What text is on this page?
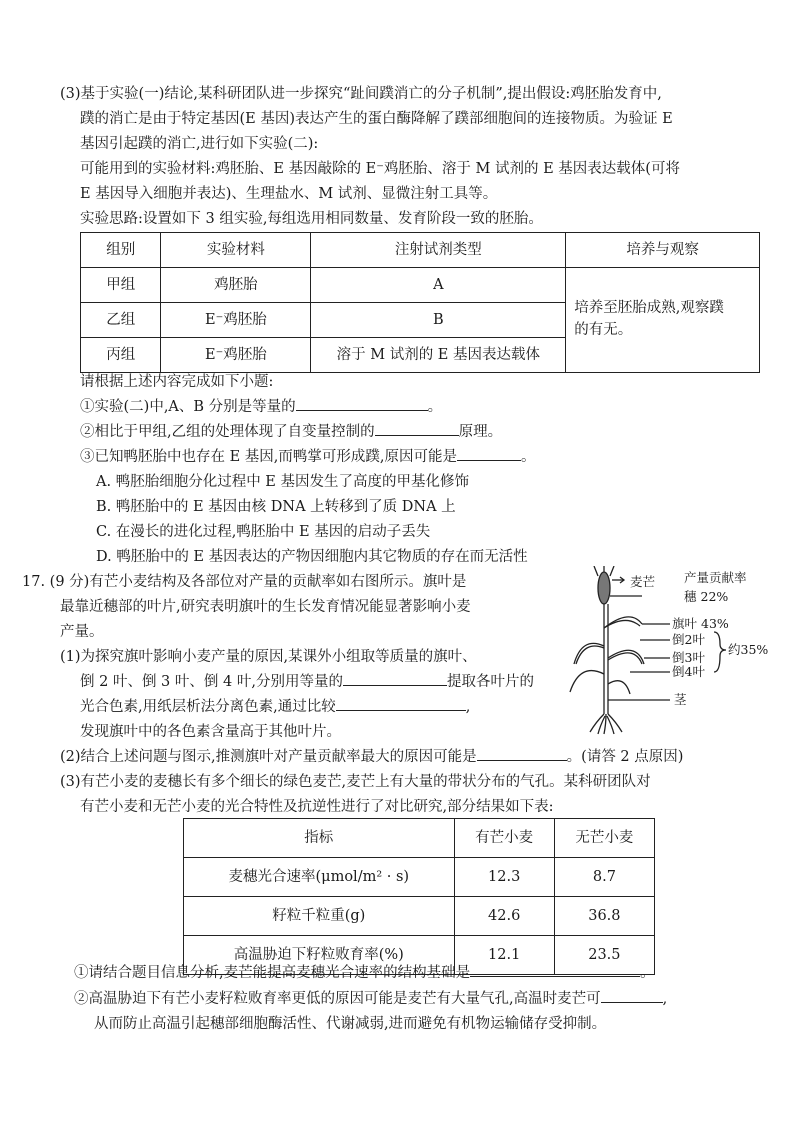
(3)基于实验(一)结论,某科研团队进一步探究“趾间蹼消亡的分子机制”,提出假设:鸡胚胎发育中,
蹼的消亡是由于特定基因(E 基因)表达产生的蛋白酶降解了蹼部细胞间的连接物质。为验证 E
基因引起蹼的消亡,进行如下实验(二):
可能用到的实验材料:鸡胚胎、E 基因敲除的 E⁻鸡胚胎、溶于 M 试剂的 E 基因表达载体(可将
E 基因导入细胞并表达)、生理盐水、M 试剂、显微注射工具等。
实验思路:设置如下 3 组实验,每组选用相同数量、发育阶段一致的胚胎。
组别	实验材料	注射试剂类型	培养与观察
甲组	鸡胚胎	A	培养至胚胎成熟,观察蹼
的有无。

乙组	E⁻鸡胚胎	B	
丙组	E⁻鸡胚胎	溶于 M 试剂的 E 基因表达载体	
请根据上述内容完成如下小题:
①实验(二)中,A、B 分别是等量的	。
②相比于甲组,乙组的处理体现了自变量控制的	原理。
③已知鸭胚胎中也存在 E 基因,而鸭掌可形成蹼,原因可能是	。
A. 鸭胚胎细胞分化过程中 E 基因发生了高度的甲基化修饰
B. 鸭胚胎中的 E 基因由核 DNA 上转移到了质 DNA 上
C. 在漫长的进化过程,鸭胚胎中 E 基因的启动子丢失
D. 鸭胚胎中的 E 基因表达的产物因细胞内其它物质的存在而无活性
17. (9 分)有芒小麦结构及各部位对产量的贡献率如右图所示。旗叶是
最靠近穗部的叶片,研究表明旗叶的生长发育情况能显著影响小麦
产量。
(1)为探究旗叶影响小麦产量的原因,某课外小组取等质量的旗叶、
倒 2 叶、倒 3 叶、倒 4 叶,分别用等量的	提取各叶片的
光合色素,用纸层析法分离色素,通过比较	,
发现旗叶中的各色素含量高于其他叶片。
麦芒 产量贡献率
穗 22%
旗叶 43%
倒2叶
倒3叶
倒4叶
约35%
茎
(2)结合上述问题与图示,推测旗叶对产量贡献率最大的原因可能是	。(请答 2 点原因)
(3)有芒小麦的麦穗长有多个细长的绿色麦芒,麦芒上有大量的带状分布的气孔。某科研团队对
有芒小麦和无芒小麦的光合特性及抗逆性进行了对比研究,部分结果如下表:
指标	有芒小麦	无芒小麦
麦穗光合速率(μmol/m² · s)	12.3	8.7
籽粒千粒重(g)	42.6	36.8
高温胁迫下籽粒败育率(%)	12.1	23.5
①请结合题目信息分析,麦芒能提高麦穗光合速率的结构基础是	。
②高温胁迫下有芒小麦籽粒败育率更低的原因可能是麦芒有大量气孔,高温时麦芒可	,
从而防止高温引起穗部细胞酶活性、代谢减弱,进而避免有机物运输储存受抑制。
